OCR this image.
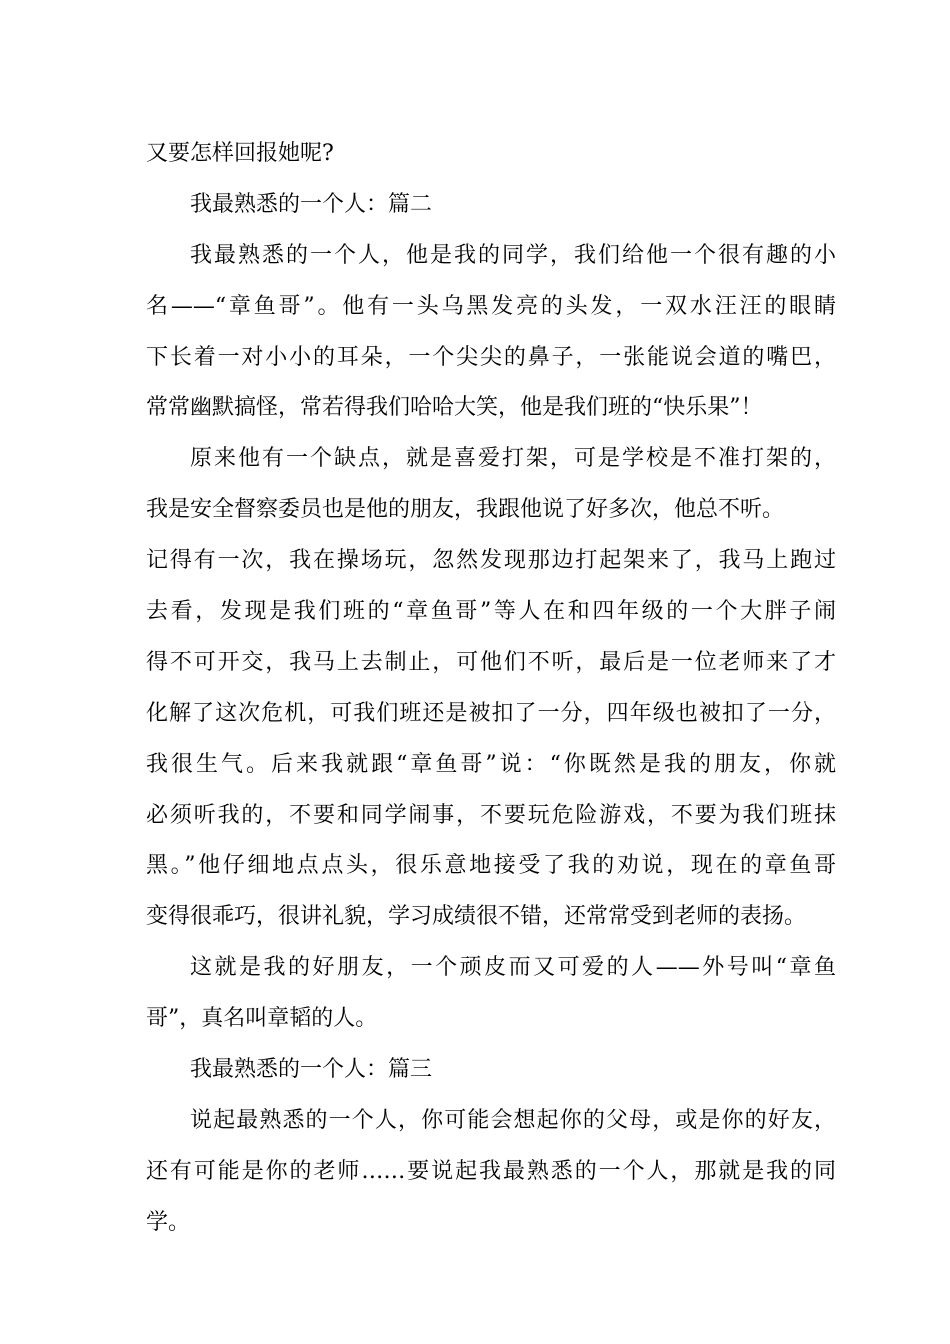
又要怎样回报她呢?
我最熟悉的一个人：篇二
我最熟悉的一个人，他是我的同学，我们给他一个很有趣的小
名——“章鱼哥”。他有一头乌黑发亮的头发，一双水汪汪的眼睛
下长着一对小小的耳朵，一个尖尖的鼻子，一张能说会道的嘴巴，
常常幽默搞怪，常若得我们哈哈大笑，他是我们班的“快乐果”！
原来他有一个缺点，就是喜爱打架，可是学校是不准打架的，
我是安全督察委员也是他的朋友，我跟他说了好多次，他总不听。
记得有一次，我在操场玩，忽然发现那边打起架来了，我马上跑过
去看，发现是我们班的“章鱼哥”等人在和四年级的一个大胖子闹
得不可开交，我马上去制止，可他们不听，最后是一位老师来了才
化解了这次危机，可我们班还是被扣了一分，四年级也被扣了一分，
我很生气。后来我就跟“章鱼哥”说：“你既然是我的朋友，你就
必须听我的，不要和同学闹事，不要玩危险游戏，不要为我们班抹
黑。”他仔细地点点头，很乐意地接受了我的劝说，现在的章鱼哥
变得很乖巧，很讲礼貌，学习成绩很不错，还常常受到老师的表扬。
这就是我的好朋友，一个顽皮而又可爱的人——外号叫“章鱼
哥”，真名叫章韬的人。
我最熟悉的一个人：篇三
说起最熟悉的一个人，你可能会想起你的父母，或是你的好友，
还有可能是你的老师……要说起我最熟悉的一个人，那就是我的同
学。
